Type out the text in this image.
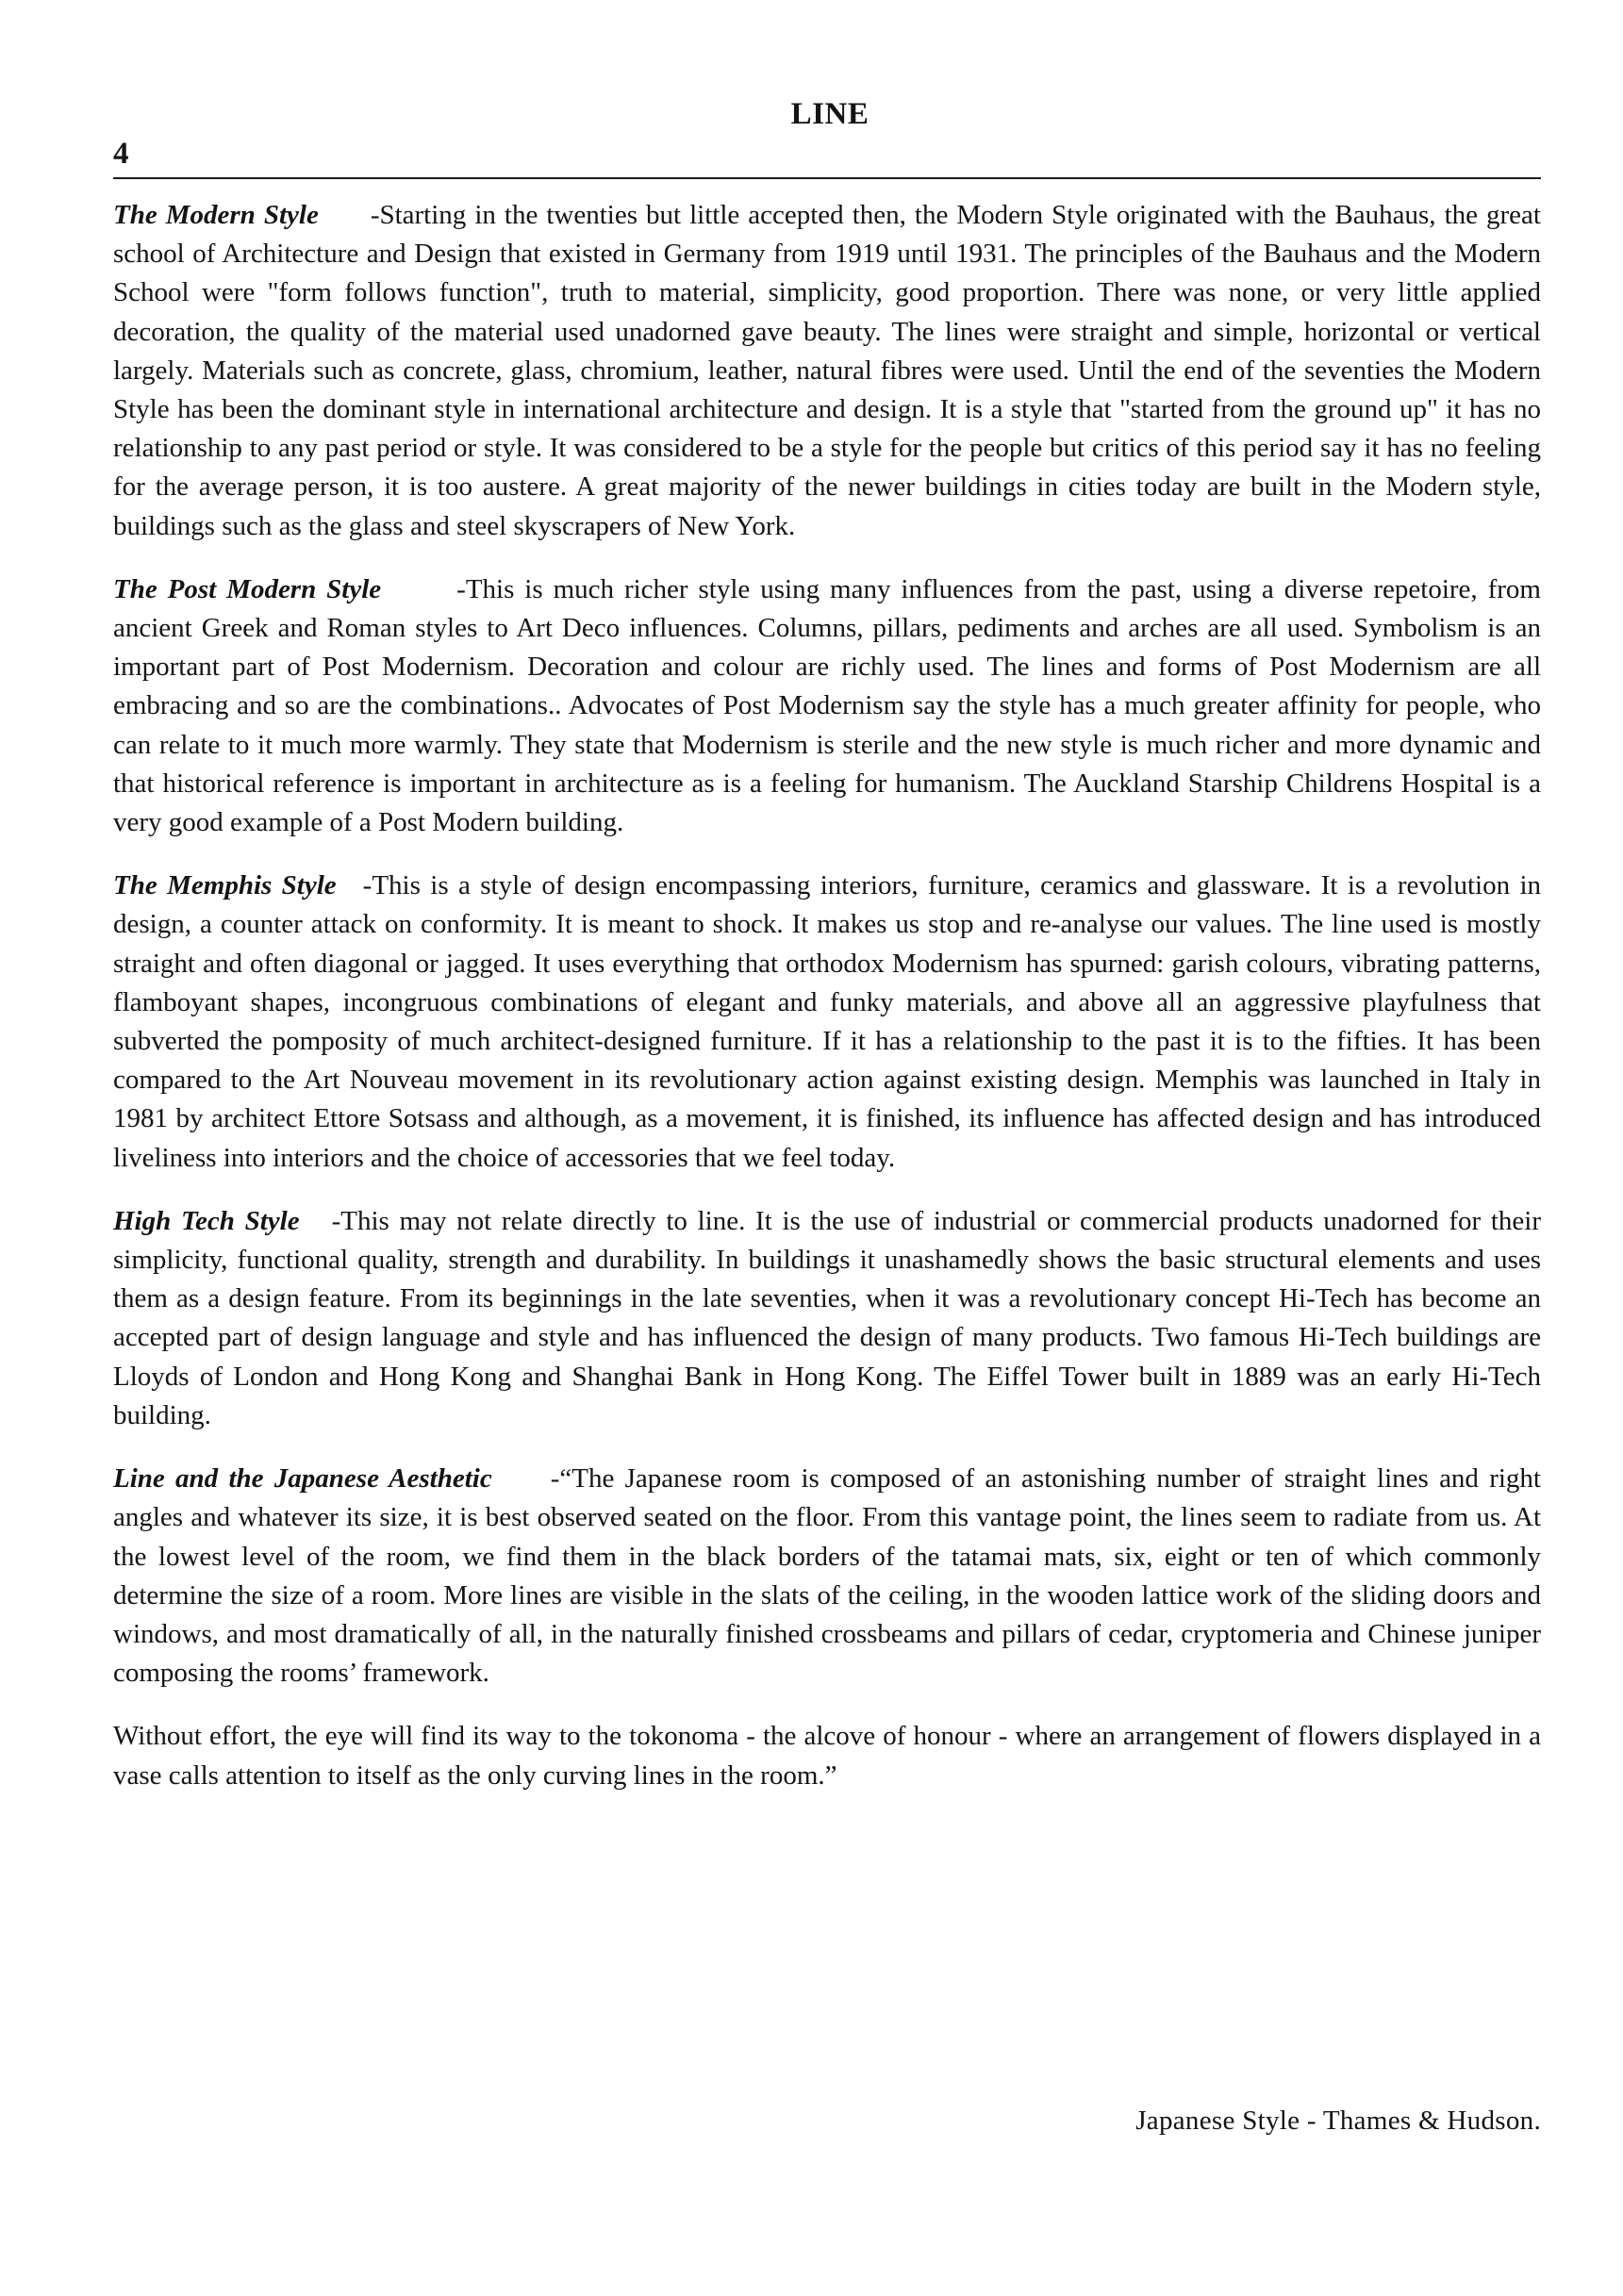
LINE
4

The Modern Style -Starting in the twenties but little accepted then, the Modern Style originated with the Bauhaus, the great school of Architecture and Design that existed in Germany from 1919 until 1931. The principles of the Bauhaus and the Modern School were "form follows function", truth to material, simplicity, good proportion. There was none, or very little applied decoration, the quality of the material used unadorned gave beauty. The lines were straight and simple, horizontal or vertical largely. Materials such as concrete, glass, chromium, leather, natural fibres were used. Until the end of the seventies the Modern Style has been the dominant style in international architecture and design. It is a style that "started from the ground up" it has no relationship to any past period or style. It was considered to be a style for the people but critics of this period say it has no feeling for the average person, it is too austere. A great majority of the newer buildings in cities today are built in the Modern style, buildings such as the glass and steel skyscrapers of New York.

The Post Modern Style	-This is much richer style using many influences from the past, using a diverse repetoire, from ancient Greek and Roman styles to Art Deco influences. Columns, pillars, pediments and arches are all used. Symbolism is an important part of Post Modernism. Decoration and colour are richly used. The lines and forms of Post Modernism are all embracing and so are the combinations.. Advocates of Post Modernism say the style has a much greater affinity for people, who can relate to it much more warmly. They state that Modernism is sterile and the new style is much richer and more dynamic and that historical reference is important in architecture as is a feeling for humanism. The Auckland Starship Childrens Hospital is a very good example of a Post Modern building.

The Memphis Style -This is a style of design encompassing interiors, furniture, ceramics and glassware. It is a revolution in design, a counter attack on conformity. It is meant to shock. It makes us stop and re-analyse our values. The line used is mostly straight and often diagonal or jagged. It uses everything that orthodox Modernism has spurned: garish colours, vibrating patterns, flamboyant shapes, incongruous combinations of elegant and funky materials, and above all an aggressive playfulness that subverted the pomposity of much architect-designed furniture. If it has a relationship to the past it is to the fifties. It has been compared to the Art Nouveau movement in its revolutionary action against existing design. Memphis was launched in Italy in 1981 by architect Ettore Sotsass and although, as a movement, it is finished, its influence has affected design and has introduced liveliness into interiors and the choice of accessories that we feel today.

High Tech Style -This may not relate directly to line. It is the use of industrial or commercial products unadorned for their simplicity, functional quality, strength and durability. In buildings it unashamedly shows the basic structural elements and uses them as a design feature. From its beginnings in the late seventies, when it was a revolutionary concept Hi-Tech has become an accepted part of design language and style and has influenced the design of many products. Two famous Hi-Tech buildings are Lloyds of London and Hong Kong and Shanghai Bank in Hong Kong. The Eiffel Tower built in 1889 was an early Hi-Tech building.

Line and the Japanese Aesthetic -“The Japanese room is composed of an astonishing number of straight lines and right angles and whatever its size, it is best observed seated on the floor. From this vantage point, the lines seem to radiate from us. At the lowest level of the room, we find them in the black borders of the tatamai mats, six, eight or ten of which commonly determine the size of a room. More lines are visible in the slats of the ceiling, in the wooden lattice work of the sliding doors and windows, and most dramatically of all, in the naturally finished crossbeams and pillars of cedar, cryptomeria and Chinese juniper composing the rooms’ framework.

Without effort, the eye will find its way to the tokonoma - the alcove of honour - where an arrangement of flowers displayed in a vase calls attention to itself as the only curving lines in the room.”

Japanese Style - Thames & Hudson.
